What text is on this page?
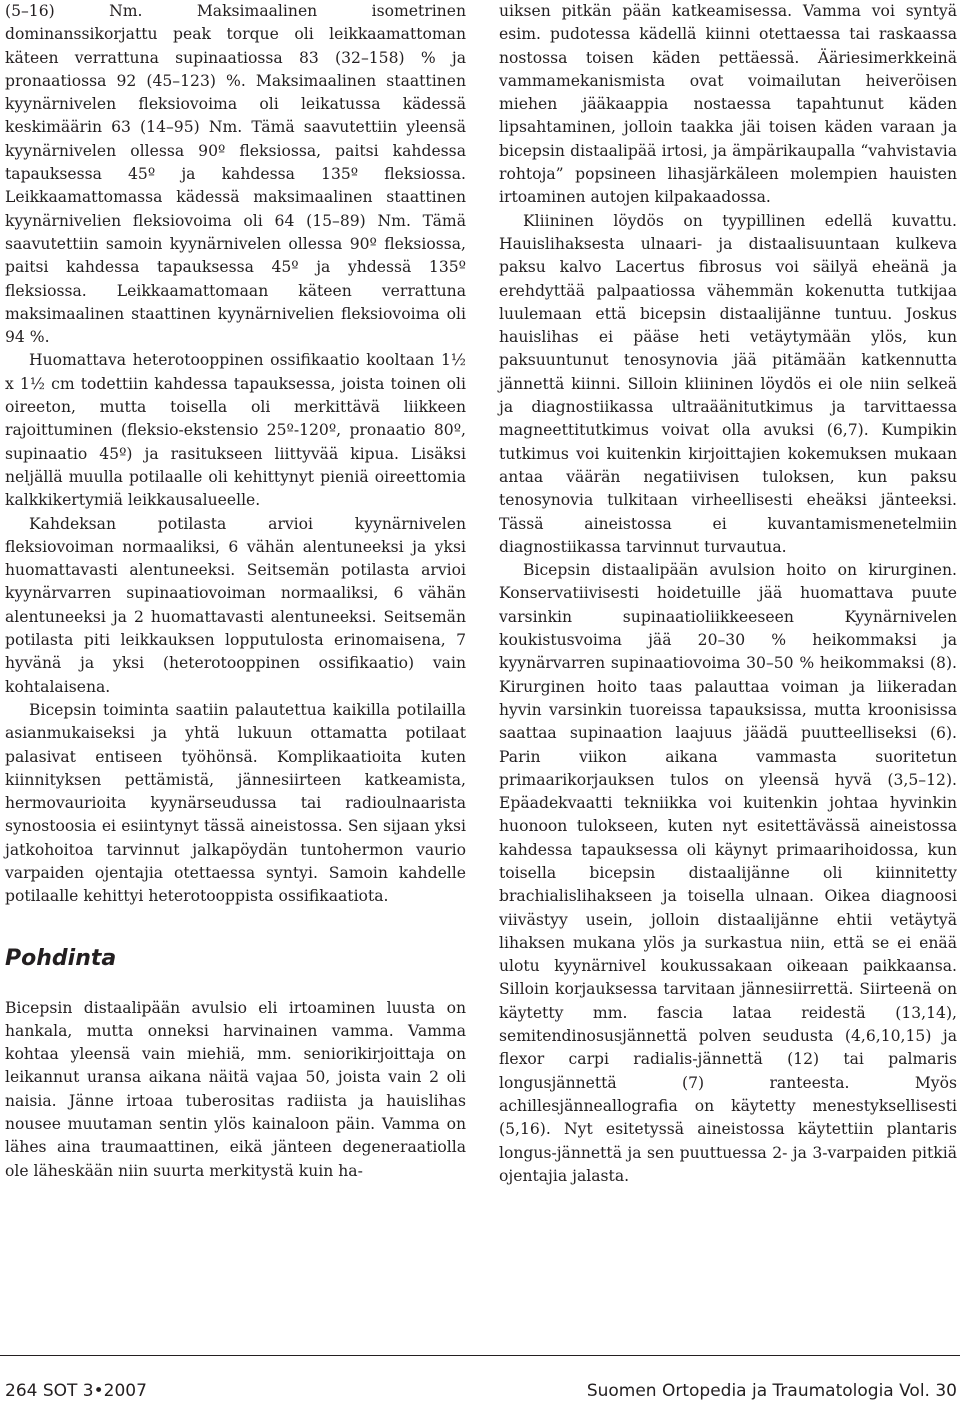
(5–16) Nm. Maksimaalinen isometrinen dominanssikorjattu peak torque oli leikkaamattoman käteen verrattuna supinaatiossa 83 (32–158) % ja pronaatiossa 92 (45–123) %. Maksimaalinen staattinen kyynärnivelen fleksiovoima oli leikatussa kädessä keskimäärin 63 (14–95) Nm. Tämä saavutettiin yleensä kyynärnivelen ollessa 90º fleksiossa, paitsi kahdessa tapauksessa 45º ja kahdessa 135º fleksiossa. Leikkaamattomassa kädessä maksimaalinen staattinen kyynärnivelien fleksiovoima oli 64 (15–89) Nm. Tämä saavutettiin samoin kyynärnivelen ollessa 90º fleksiossa, paitsi kahdessa tapauksessa 45º ja yhdessä 135º fleksiossa. Leikkaamattomaan käteen verrattuna maksimaalinen staattinen kyynärnivelien fleksiovoima oli 94 %.

Huomattava heterotooppinen ossifikaatio kooltaan 1½ x 1½ cm todettiin kahdessa tapauksessa, joista toinen oli oireeton, mutta toisella oli merkittävä liikkeen rajoittuminen (fleksio-ekstensio 25º-120º, pronaatio 80º, supinaatio 45º) ja rasitukseen liittyvää kipua. Lisäksi neljällä muulla potilaalle oli kehittynyt pieniä oireettomia kalkkikertymiä leikkausalueelle.

Kahdeksan potilasta arvioi kyynärnivelen fleksiovoiman normaaliksi, 6 vähän alentuneeksi ja yksi huomattavasti alentuneeksi. Seitsemän potilasta arvioi kyynärvarren supinaatiovoiman normaaliksi, 6 vähän alentuneeksi ja 2 huomattavasti alentuneeksi. Seitsemän potilasta piti leikkauksen lopputulosta erinomaisena, 7 hyvänä ja yksi (heterotooppinen ossifikaatio) vain kohtalaisena.

Bicepsin toiminta saatiin palautettua kaikilla potilailla asianmukaiseksi ja yhtä lukuun ottamatta potilaat palasivat entiseen työhönsä. Komplikaatioita kuten kiinnityksen pettämistä, jännesiirteen katkeamista, hermovaurioita kyynärseudussa tai radioulnaarista synostoosia ei esiintynyt tässä aineistossa. Sen sijaan yksi jatkohoitoa tarvinnut jalkapöydän tuntohermon vaurio varpaiden ojentajia otettaessa syntyi. Samoin kahdelle potilaalle kehittyi heterotooppista ossifikaatiota.

Pohdinta

Bicepsin distaalipään avulsio eli irtoaminen luusta on hankala, mutta onneksi harvinainen vamma. Vamma kohtaa yleensä vain miehiä, mm. seniorikirjoittaja on leikannut uransa aikana näitä vajaa 50, joista vain 2 oli naisia. Jänne irtoaa tuberositas radiista ja hauislihas nousee muutaman sentin ylös kainaloon päin. Vamma on lähes aina traumaattinen, eikä jänteen degeneraatiolla ole läheskään niin suurta merkitystä kuin ha-

uiksen pitkän pään katkeamisessa. Vamma voi syntyä esim. pudotessa kädellä kiinni otettaessa tai raskaassa nostossa toisen käden pettäessä. Ääriesimerkkeinä vammamekanismista ovat voimailutan heiveröisen miehen jääkaappia nostaessa tapahtunut käden lipsahtaminen, jolloin taakka jäi toisen käden varaan ja bicepsin distaalipää irtosi, ja ämpärikaupalla “vahvistavia rohtoja” popsineen lihasjärkäleen molempien hauisten irtoaminen autojen kilpakaadossa.

Kliininen löydös on tyypillinen edellä kuvattu. Hauislihaksesta ulnaari- ja distaalisuuntaan kulkeva paksu kalvo Lacertus fibrosus voi säilyä eheänä ja erehdyttää palpaatiossa vähemmän kokenutta tutkijaa luulemaan että bicepsin distaalijänne tuntuu. Joskus hauislihas ei pääse heti vetäytymään ylös, kun paksuuntunut tenosynovia jää pitämään katkennutta jännettä kiinni. Silloin kliininen löydös ei ole niin selkeä ja diagnostiikassa ultraäänitutkimus ja tarvittaessa magneettitutkimus voivat olla avuksi (6,7). Kumpikin tutkimus voi kuitenkin kirjoittajien kokemuksen mukaan antaa väärän negatiivisen tuloksen, kun paksu tenosynovia tulkitaan virheellisesti eheäksi jänteeksi. Tässä aineistossa ei kuvantamismenetelmiin diagnostiikassa tarvinnut turvautua.

Bicepsin distaalipään avulsion hoito on kirurginen. Konservatiivisesti hoidetuille jää huomattava puute varsinkin supinaatioliikkeeseen Kyynärnivelen koukistusvoima jää 20–30 % heikommaksi ja kyynärvarren supinaatiovoima 30–50 % heikommaksi (8). Kirurginen hoito taas palauttaa voiman ja liikeradan hyvin varsinkin tuoreissa tapauksissa, mutta kroonisissa saattaa supinaation laajuus jäädä puutteelliseksi (6). Parin viikon aikana vammasta suoritetun primaarikorjauksen tulos on yleensä hyvä (3,5–12). Epäadekvaatti tekniikka voi kuitenkin johtaa hyvinkin huonoon tulokseen, kuten nyt esitettävässä aineistossa kahdessa tapauksessa oli käynyt primaarihoidossa, kun toisella bicepsin distaalijänne oli kiinnitetty brachialislihakseen ja toisella ulnaan. Oikea diagnoosi viivästyy usein, jolloin distaalijänne ehtii vetäytyä lihaksen mukana ylös ja surkastua niin, että se ei enää ulotu kyynärnivel koukussakaan oikeaan paikkaansa. Silloin korjauksessa tarvitaan jännesiirrettä. Siirteenä on käytetty mm. fascia lataa reidestä (13,14), semitendinosusjännettä polven seudusta (4,6,10,15) ja flexor carpi radialis-jännettä (12) tai palmaris longusjännettä (7) ranteesta. Myös achillesjänneallografia on käytetty menestyksellisesti (5,16). Nyt esitetyssä aineistossa käytettiin plantaris longus-jännettä ja sen puuttuessa 2- ja 3-varpaiden pitkiä ojentajia jalasta.

264 SOT 3•2007	Suomen Ortopedia ja Traumatologia Vol. 30
